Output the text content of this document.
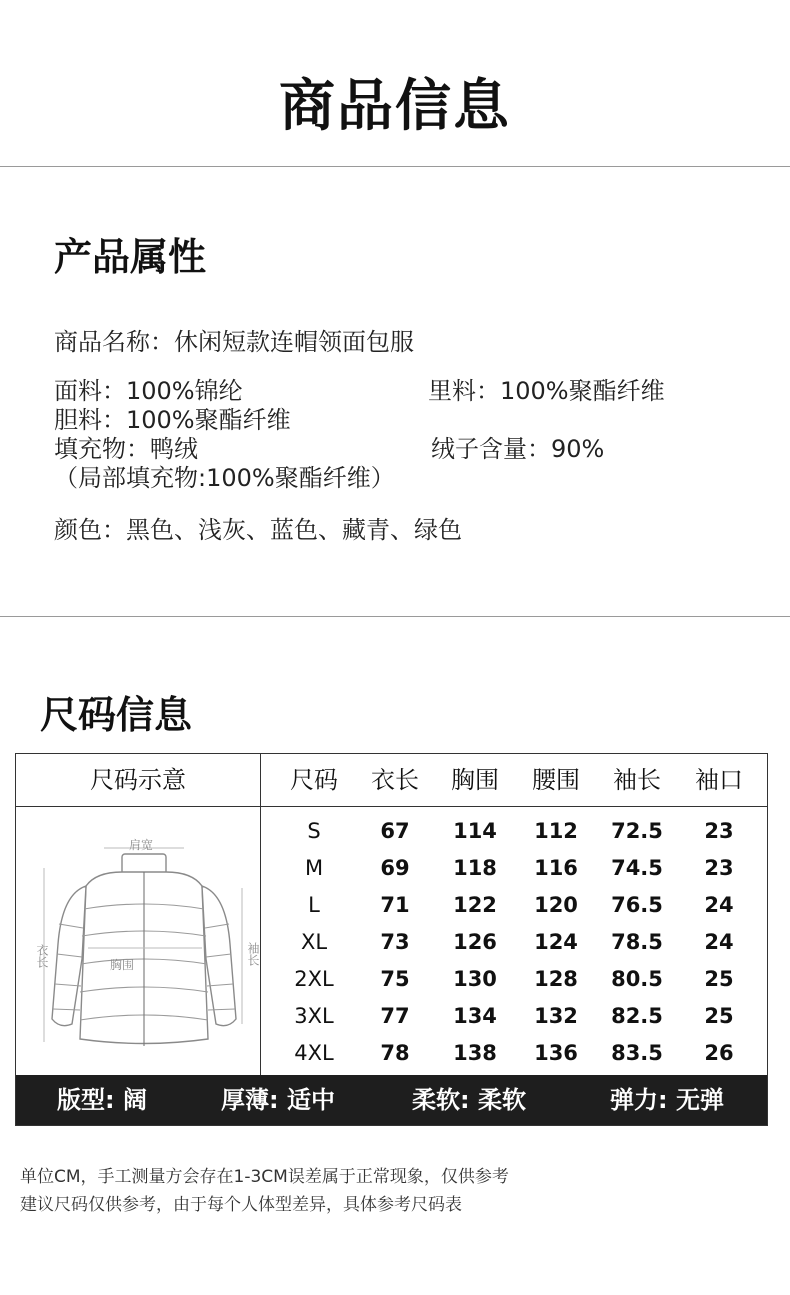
商品信息
产品属性
商品名称：休闲短款连帽领面包服
面料：100%锦纶	里料：100%聚酯纤维
胆料：100%聚酯纤维
填充物：鸭绒	绒子含量：90%
（局部填充物:100%聚酯纤维）
颜色：黑色、浅灰、蓝色、藏青、绿色
尺码信息
尺码示意	尺码	衣长	胸围	腰围	袖长	袖口
肩宽
衣长	胸围	袖长
S	67	114	112	72.5	23
M	69	118	116	74.5	23
L	71	122	120	76.5	24
XL	73	126	124	78.5	24
2XL	75	130	128	80.5	25
3XL	77	134	132	82.5	25
4XL	78	138	136	83.5	26
版型: 阔	厚薄: 适中	柔软: 柔软	弹力: 无弹
单位CM，手工测量方会存在1-3CM误差属于正常现象，仅供参考
建议尺码仅供参考，由于每个人体型差异，具体参考尺码表
